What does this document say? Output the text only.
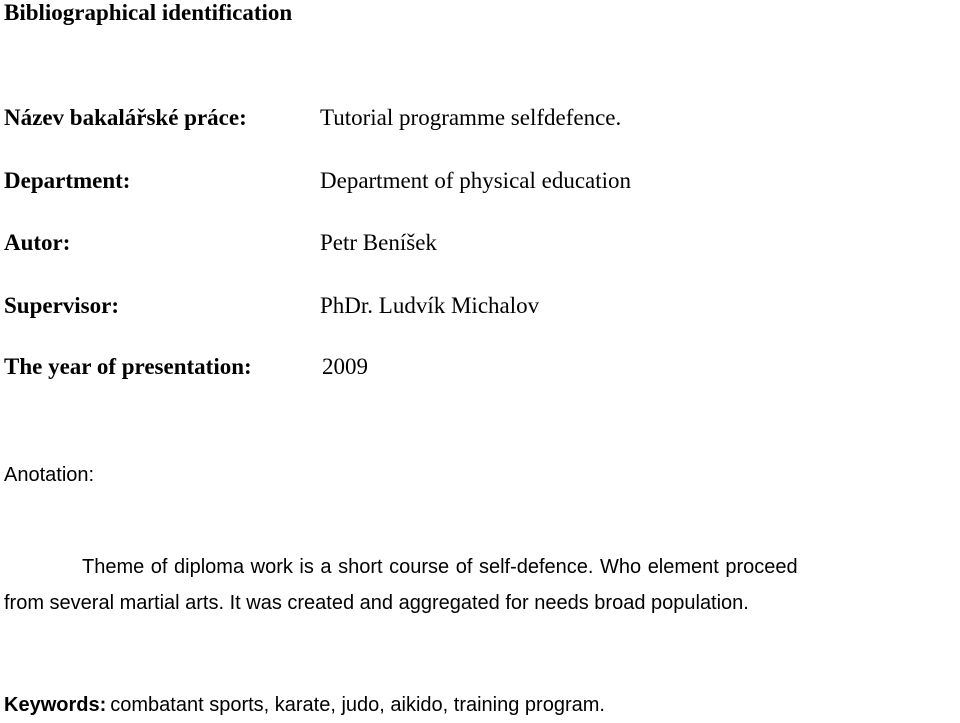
Bibliographical identification
Název bakalářské práce:	Tutorial programme selfdefence.
Department:	Department of physical education
Autor:	Petr Beníšek
Supervisor:	PhDr. Ludvík Michalov
The year of presentation:	2009
Anotation:
Theme of diploma work is a short course of self-defence. Who element proceed
from several martial arts. It was created and aggregated for needs broad population.
Keywords: combatant sports, karate, judo, aikido, training program.
